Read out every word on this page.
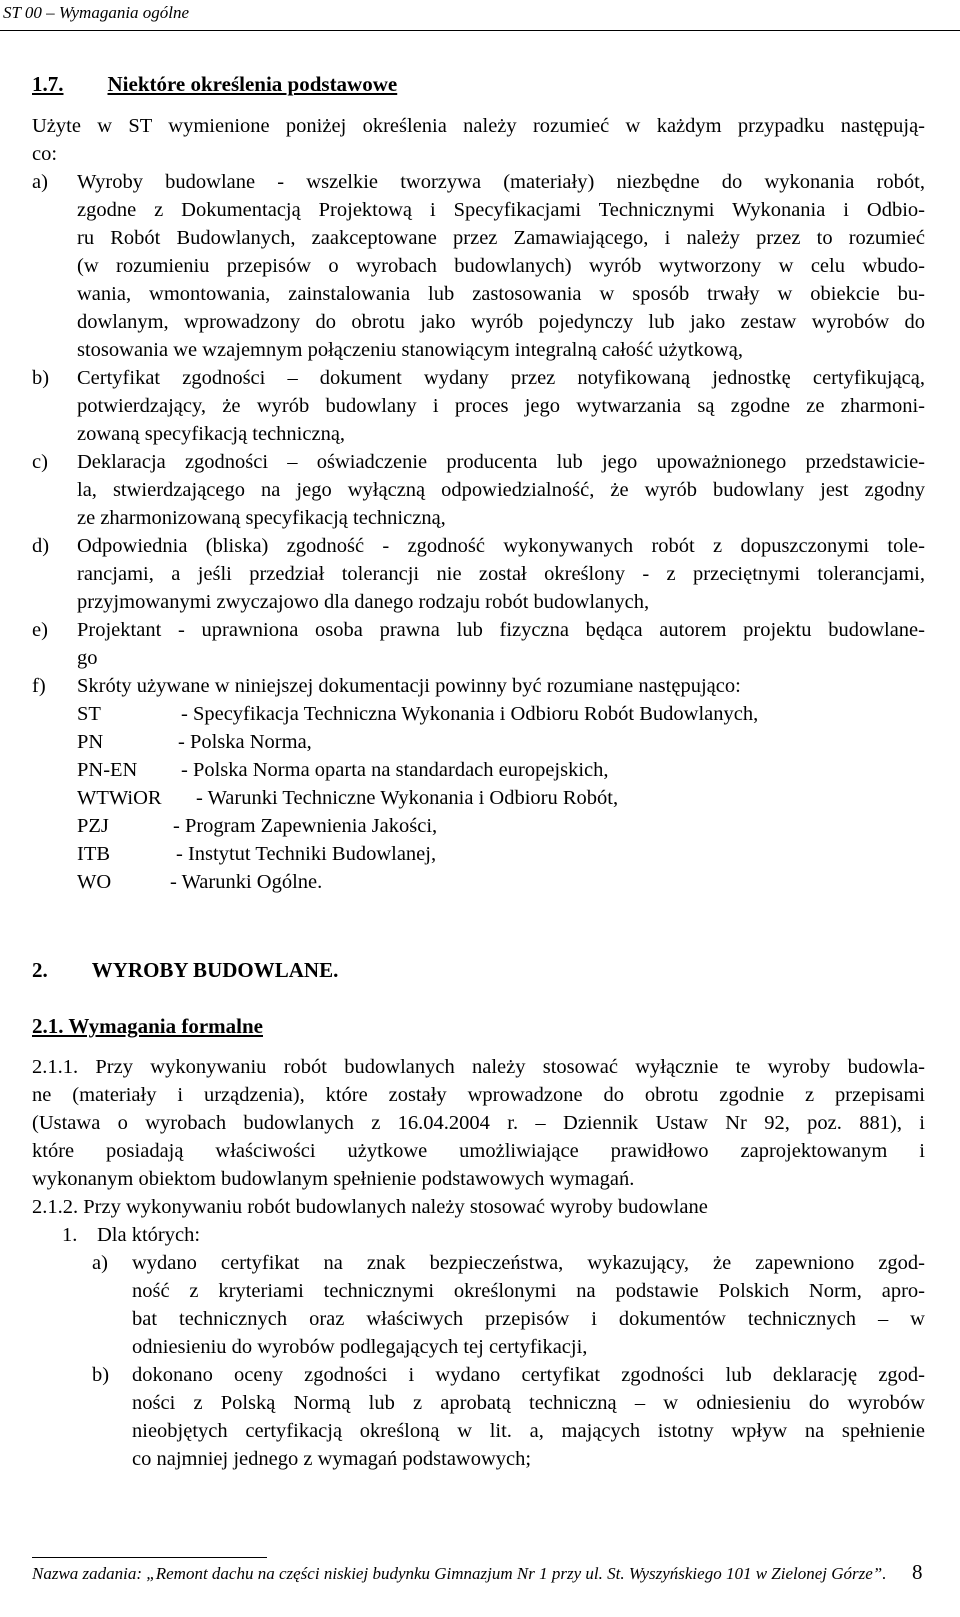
ST 00 – Wymagania ogólne
1.7. Niektóre określenia podstawowe
Użyte w ST wymienione poniżej określenia należy rozumieć w każdym przypadku następują-
co:
a) Wyroby budowlane - wszelkie tworzywa (materiały) niezbędne do wykonania robót,
zgodne z Dokumentacją Projektową i Specyfikacjami Technicznymi Wykonania i Odbio-
ru Robót Budowlanych, zaakceptowane przez Zamawiającego, i należy przez to rozumieć
(w rozumieniu przepisów o wyrobach budowlanych) wyrób wytworzony w celu wbudo-
wania, wmontowania, zainstalowania lub zastosowania w sposób trwały w obiekcie bu-
dowlanym, wprowadzony do obrotu jako wyrób pojedynczy lub jako zestaw wyrobów do
stosowania we wzajemnym połączeniu stanowiącym integralną całość użytkową,
b) Certyfikat zgodności – dokument wydany przez notyfikowaną jednostkę certyfikującą,
potwierdzający, że wyrób budowlany i proces jego wytwarzania są zgodne ze zharmoni-
zowaną specyfikacją techniczną,
c) Deklaracja zgodności – oświadczenie producenta lub jego upoważnionego przedstawicie-
la, stwierdzającego na jego wyłączną odpowiedzialność, że wyrób budowlany jest zgodny
ze zharmonizowaną specyfikacją techniczną,
d) Odpowiednia (bliska) zgodność - zgodność wykonywanych robót z dopuszczonymi tole-
rancjami, a jeśli przedział tolerancji nie został określony - z przeciętnymi tolerancjami,
przyjmowanymi zwyczajowo dla danego rodzaju robót budowlanych,
e) Projektant - uprawniona osoba prawna lub fizyczna będąca autorem projektu budowlane-
go
f) Skróty używane w niniejszej dokumentacji powinny być rozumiane następująco:
ST	- Specyfikacja Techniczna Wykonania i Odbioru Robót Budowlanych,
PN	- Polska Norma,
PN-EN - Polska Norma oparta na standardach europejskich,
WTWiOR - Warunki Techniczne Wykonania i Odbioru Robót,
PZJ	- Program Zapewnienia Jakości,
ITB	- Instytut Techniki Budowlanej,
WO	- Warunki Ogólne.
2. WYROBY BUDOWLANE.
2.1. Wymagania formalne
2.1.1. Przy wykonywaniu robót budowlanych należy stosować wyłącznie te wyroby budowla-
ne (materiały i urządzenia), które zostały wprowadzone do obrotu zgodnie z przepisami
(Ustawa o wyrobach budowlanych z 16.04.2004 r. – Dziennik Ustaw Nr 92, poz. 881), i
które posiadają właściwości użytkowe umożliwiające prawidłowo zaprojektowanym i
wykonanym obiektom budowlanym spełnienie podstawowych wymagań.
2.1.2. Przy wykonywaniu robót budowlanych należy stosować wyroby budowlane
1. Dla których:
a) wydano certyfikat na znak bezpieczeństwa, wykazujący, że zapewniono zgod-
ność z kryteriami technicznymi określonymi na podstawie Polskich Norm, apro-
bat technicznych oraz właściwych przepisów i dokumentów technicznych – w
odniesieniu do wyrobów podlegających tej certyfikacji,
b) dokonano oceny zgodności i wydano certyfikat zgodności lub deklarację zgod-
ności z Polską Normą lub z aprobatą techniczną – w odniesieniu do wyrobów
nieobjętych certyfikacją określoną w lit. a, mających istotny wpływ na spełnienie
co najmniej jednego z wymagań podstawowych;
Nazwa zadania: „Remont dachu na części niskiej budynku Gimnazjum Nr 1 przy ul. St. Wyszyńskiego 101 w Zielonej Górze”. 8
